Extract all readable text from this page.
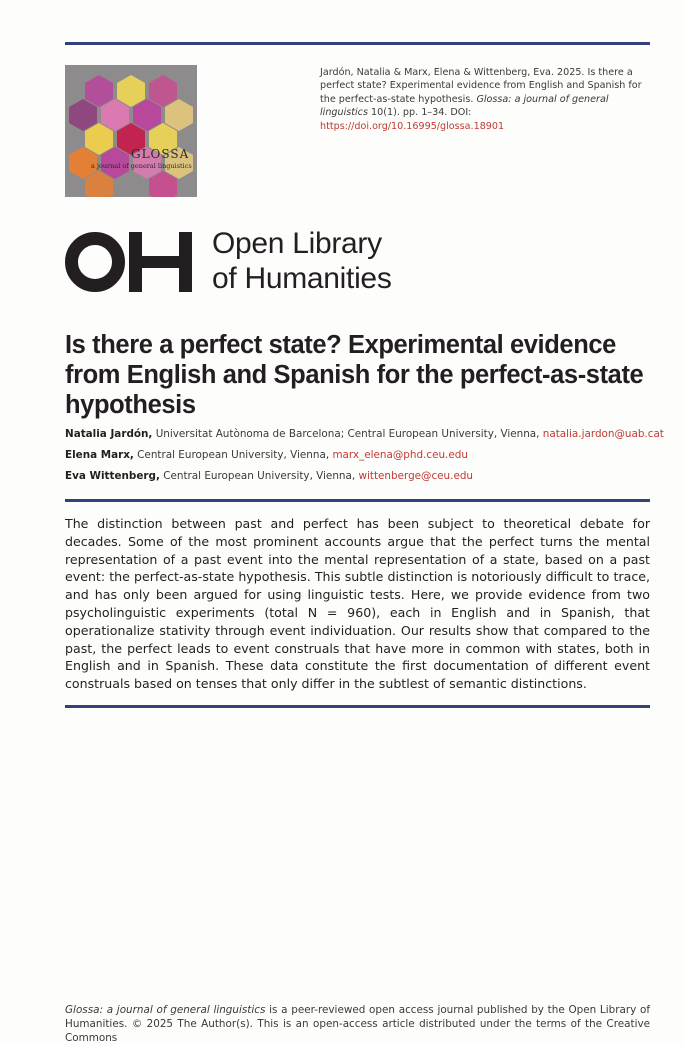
GLOSSA
a journal of general linguistics
Jardón, Natalia & Marx, Elena & Wittenberg, Eva. 2025. Is there a perfect state? Experimental evidence from English and Spanish for the perfect-as-state hypothesis. Glossa: a journal of general linguistics 10(1). pp. 1–34. DOI: https://doi.org/10.16995/glossa.18901
Open Library
of Humanities
Is there a perfect state? Experimental evidence from English and Spanish for the perfect-as-state hypothesis
Natalia Jardón, Universitat Autònoma de Barcelona; Central European University, Vienna, natalia.jardon@uab.cat
Elena Marx, Central European University, Vienna, marx_elena@phd.ceu.edu
Eva Wittenberg, Central European University, Vienna, wittenberge@ceu.edu
The distinction between past and perfect has been subject to theoretical debate for decades. Some of the most prominent accounts argue that the perfect turns the mental representation of a past event into the mental representation of a state, based on a past event: the perfect-as-state hypothesis. This subtle distinction is notoriously difficult to trace, and has only been argued for using linguistic tests. Here, we provide evidence from two psycholinguistic experiments (total N = 960), each in English and in Spanish, that operationalize stativity through event individuation. Our results show that compared to the past, the perfect leads to event construals that have more in common with states, both in English and in Spanish. These data constitute the first documentation of different event construals based on tenses that only differ in the subtlest of semantic distinctions.
Glossa: a journal of general linguistics is a peer-reviewed open access journal published by the Open Library of Humanities. © 2025 The Author(s). This is an open-access article distributed under the terms of the Creative Commons
